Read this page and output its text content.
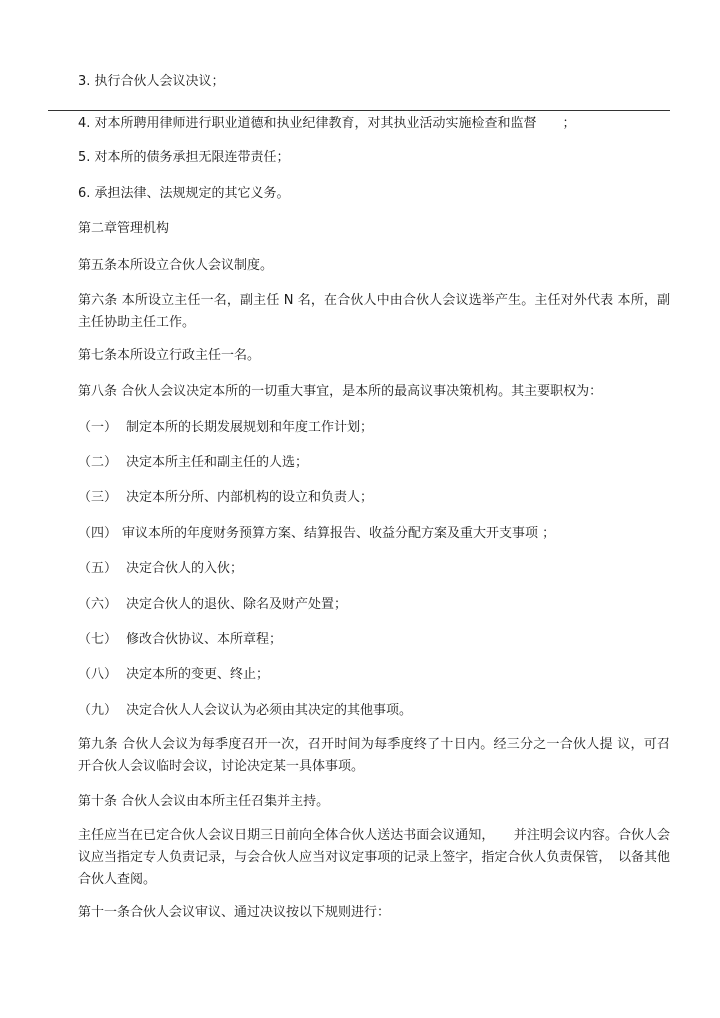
3. 执行合伙人会议决议；
4. 对本所聘用律师进行职业道德和执业纪律教育，对其执业活动实施检查和监督　　；
5. 对本所的债务承担无限连带责任；
6. 承担法律、法规规定的其它义务。
第二章管理机构
第五条本所设立合伙人会议制度。
第六条 本所设立主任一名，副主任 N 名，在合伙人中由合伙人会议选举产生。主任对外代表 本所，副主任协助主任工作。
第七条本所设立行政主任一名。
第八条 合伙人会议决定本所的一切重大事宜，是本所的最高议事决策机构。其主要职权为：
（一） 制定本所的长期发展规划和年度工作计划；
（二） 决定本所主任和副主任的人选；
（三） 决定本所分所、内部机构的设立和负责人；
（四） 审议本所的年度财务预算方案、结算报告、收益分配方案及重大开支事项 ；
（五） 决定合伙人的入伙；
（六） 决定合伙人的退伙、除名及财产处置；
（七） 修改合伙协议、本所章程；
（八） 决定本所的变更、终止；
（九） 决定合伙人人会议认为必须由其决定的其他事项。
第九条 合伙人会议为每季度召开一次，召开时间为每季度终了十日内。经三分之一合伙人提 议，可召开合伙人会议临时会议，讨论决定某一具体事项。
第十条 合伙人会议由本所主任召集并主持。
主任应当在已定合伙人会议日期三日前向全体合伙人送达书面会议通知，　　并注明会议内容。合伙人会议应当指定专人负责记录，与会合伙人应当对议定事项的记录上签字，指定合伙人负责保管，　以备其他合伙人查阅。
第十一条合伙人会议审议、通过决议按以下规则进行：
